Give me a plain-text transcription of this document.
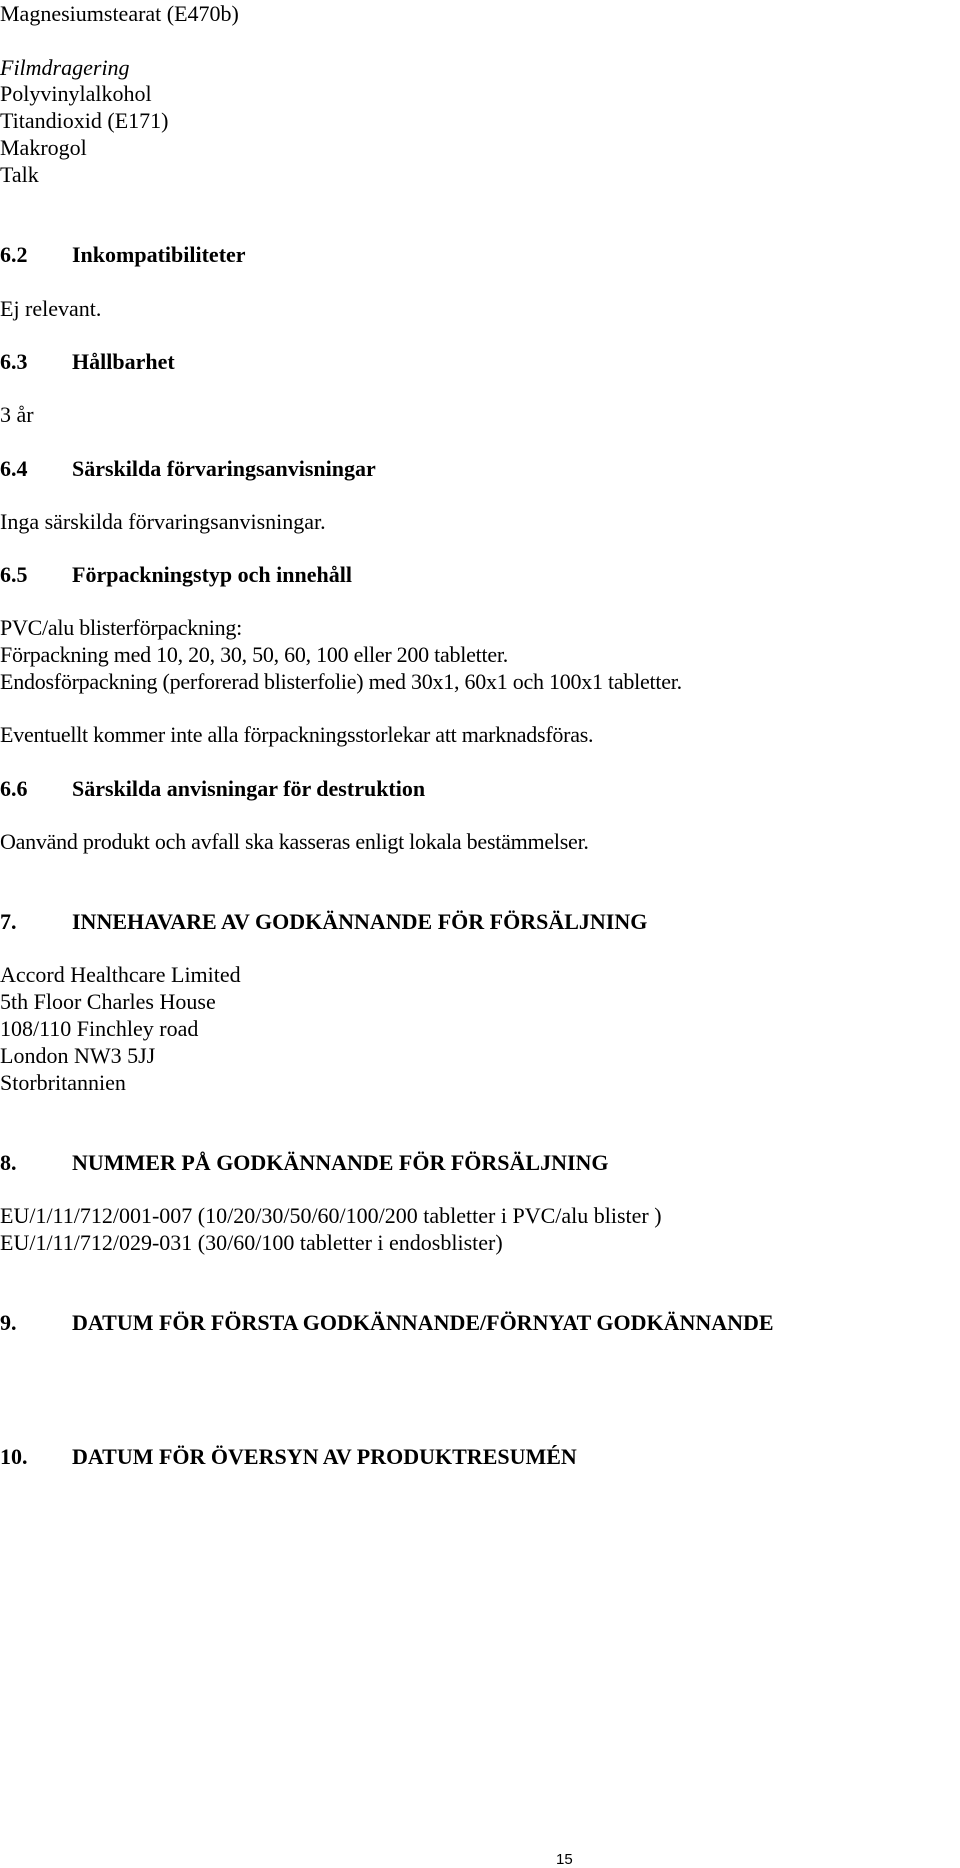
Magnesiumstearat (E470b)

Filmdragering

Polyvinylalkohol

Titandioxid (E171)

Makrogol

Talk

6.2 Inkompatibiliteter

Ej relevant.

6.3 Hållbarhet

3 år

6.4 Särskilda förvaringsanvisningar

Inga särskilda förvaringsanvisningar.

6.5 Förpackningstyp och innehåll

PVC/alu blisterförpackning:

Förpackning med 10, 20, 30, 50, 60, 100 eller 200 tabletter.

Endosförpackning (perforerad blisterfolie) med 30x1, 60x1 och 100x1 tabletter.

Eventuellt kommer inte alla förpackningsstorlekar att marknadsföras.

6.6 Särskilda anvisningar för destruktion

Oanvänd produkt och avfall ska kasseras enligt lokala bestämmelser.

7.	INNEHAVARE AV GODKÄNNANDE FÖR FÖRSÄLJNING

Accord Healthcare Limited

5th Floor Charles House

108/110 Finchley road

London NW3 5JJ

Storbritannien

8.	NUMMER PÅ GODKÄNNANDE FÖR FÖRSÄLJNING

EU/1/11/712/001-007 (10/20/30/50/60/100/200 tabletter i PVC/alu blister )

EU/1/11/712/029-031 (30/60/100 tabletter i endosblister)

9.	DATUM FÖR FÖRSTA GODKÄNNANDE/FÖRNYAT GODKÄNNANDE

10. DATUM FÖR ÖVERSYN AV PRODUKTRESUMÉN

15
